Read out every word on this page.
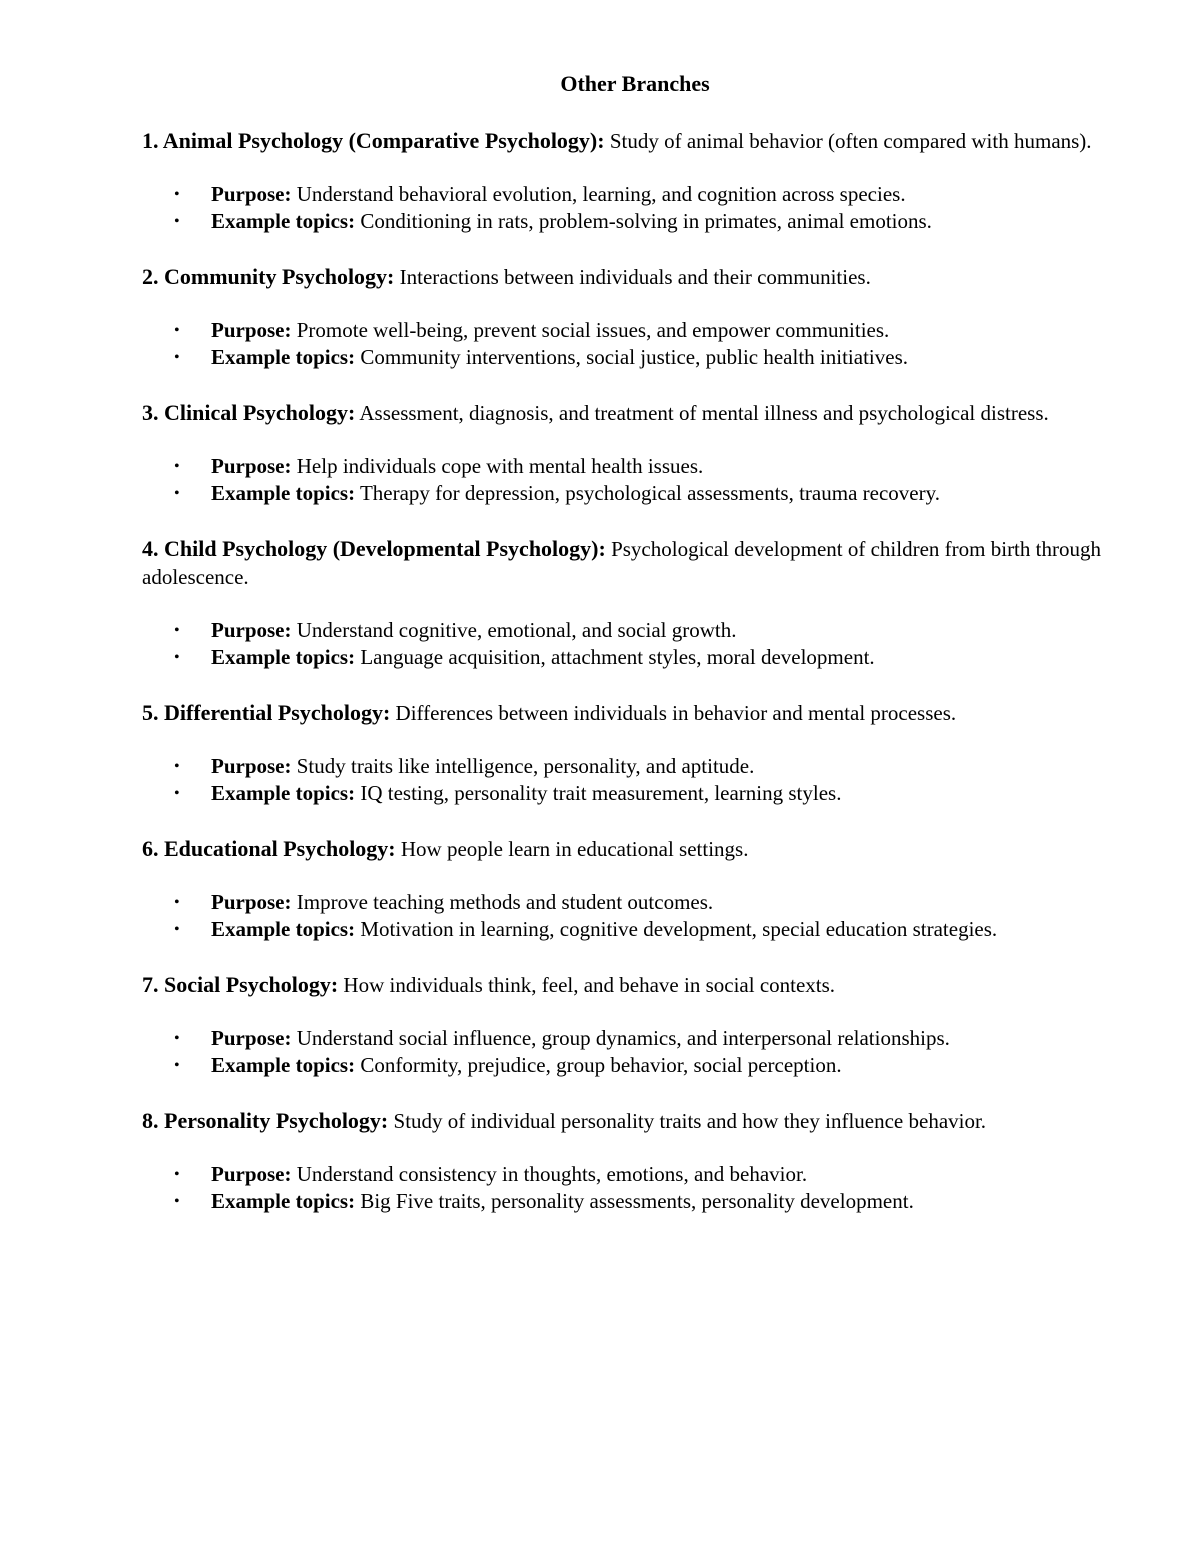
Other Branches
1. Animal Psychology (Comparative Psychology): Study of animal behavior (often compared with humans).
• Purpose: Understand behavioral evolution, learning, and cognition across species.
• Example topics: Conditioning in rats, problem-solving in primates, animal emotions.
2. Community Psychology: Interactions between individuals and their communities.
• Purpose: Promote well-being, prevent social issues, and empower communities.
• Example topics: Community interventions, social justice, public health initiatives.
3. Clinical Psychology: Assessment, diagnosis, and treatment of mental illness and psychological distress.
• Purpose: Help individuals cope with mental health issues.
• Example topics: Therapy for depression, psychological assessments, trauma recovery.
4. Child Psychology (Developmental Psychology): Psychological development of children from birth through adolescence.
• Purpose: Understand cognitive, emotional, and social growth.
• Example topics: Language acquisition, attachment styles, moral development.
5. Differential Psychology: Differences between individuals in behavior and mental processes.
• Purpose: Study traits like intelligence, personality, and aptitude.
• Example topics: IQ testing, personality trait measurement, learning styles.
6. Educational Psychology: How people learn in educational settings.
• Purpose: Improve teaching methods and student outcomes.
• Example topics: Motivation in learning, cognitive development, special education strategies.
7. Social Psychology: How individuals think, feel, and behave in social contexts.
• Purpose: Understand social influence, group dynamics, and interpersonal relationships.
• Example topics: Conformity, prejudice, group behavior, social perception.
8. Personality Psychology: Study of individual personality traits and how they influence behavior.
• Purpose: Understand consistency in thoughts, emotions, and behavior.
• Example topics: Big Five traits, personality assessments, personality development.
